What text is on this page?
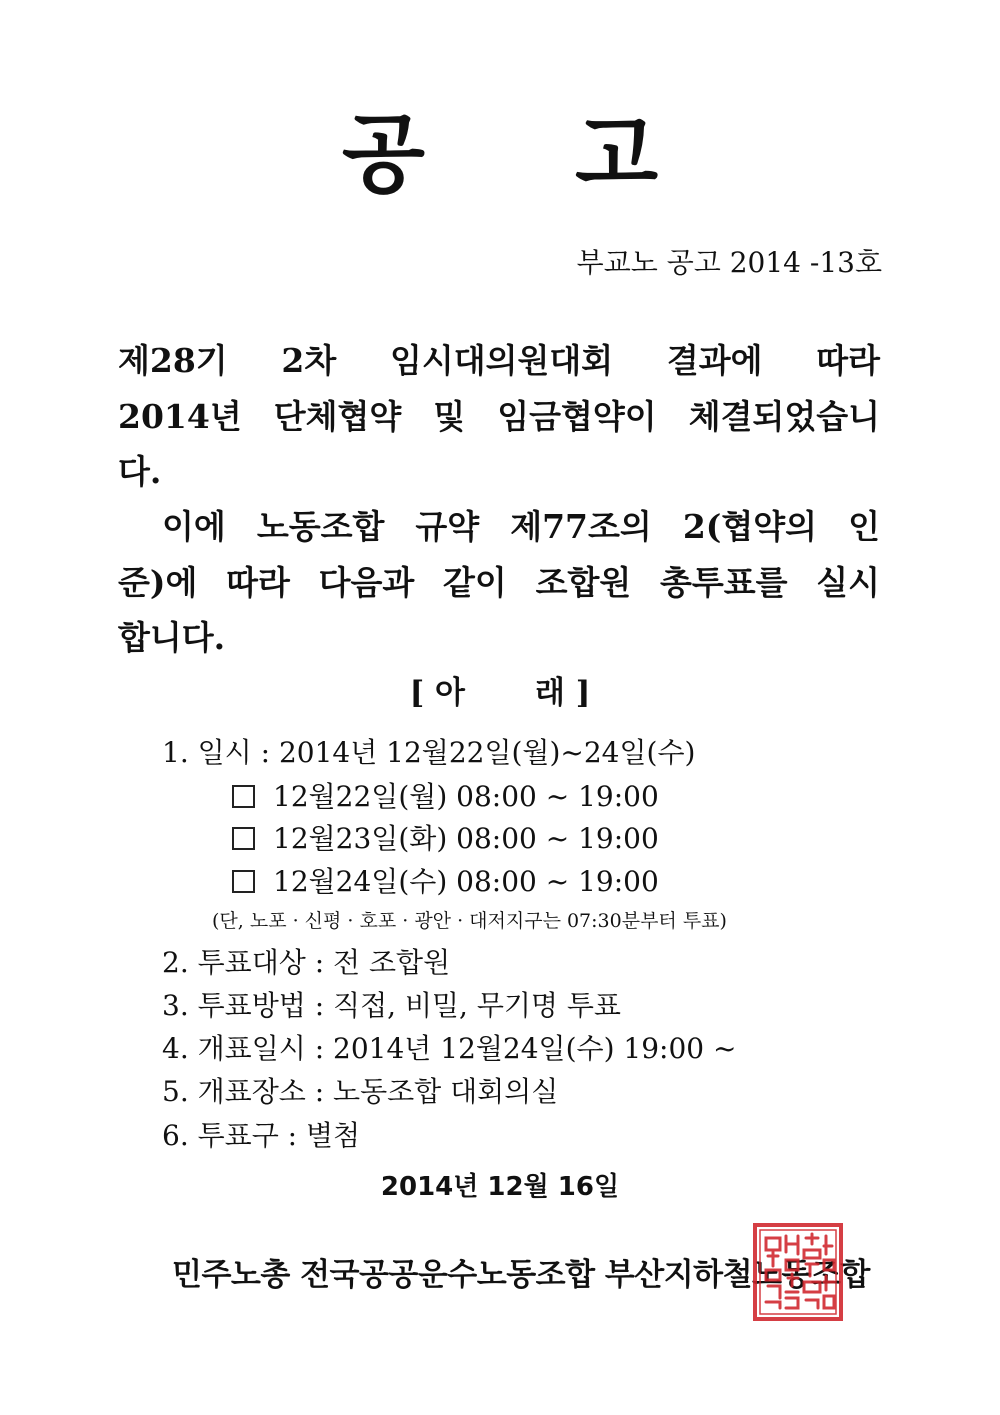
공 고
부교노 공고 2014 -13호
제28기 2차 임시대의원대회 결과에 따라
2014년 단체협약 및 임금협약이 체결되었습니
다.
이에 노동조합 규약 제77조의 2(협약의 인
준)에 따라 다음과 같이 조합원 총투표를 실시
합니다.
[ 아 래 ]
1. 일시 : 2014년 12월22일(월)~24일(수)
12월22일(월) 08:00 ~ 19:00
12월23일(화) 08:00 ~ 19:00
12월24일(수) 08:00 ~ 19:00
(단, 노포 · 신평 · 호포 · 광안 · 대저지구는 07:30분부터 투표)
2. 투표대상 : 전 조합원
3. 투표방법 : 직접, 비밀, 무기명 투표
4. 개표일시 : 2014년 12월24일(수) 19:00 ~
5. 개표장소 : 노동조합 대회의실
6. 투표구 : 별첨
2014년 12월 16일
민주노총 전국공공운수노동조합 부산지하철노동조합
